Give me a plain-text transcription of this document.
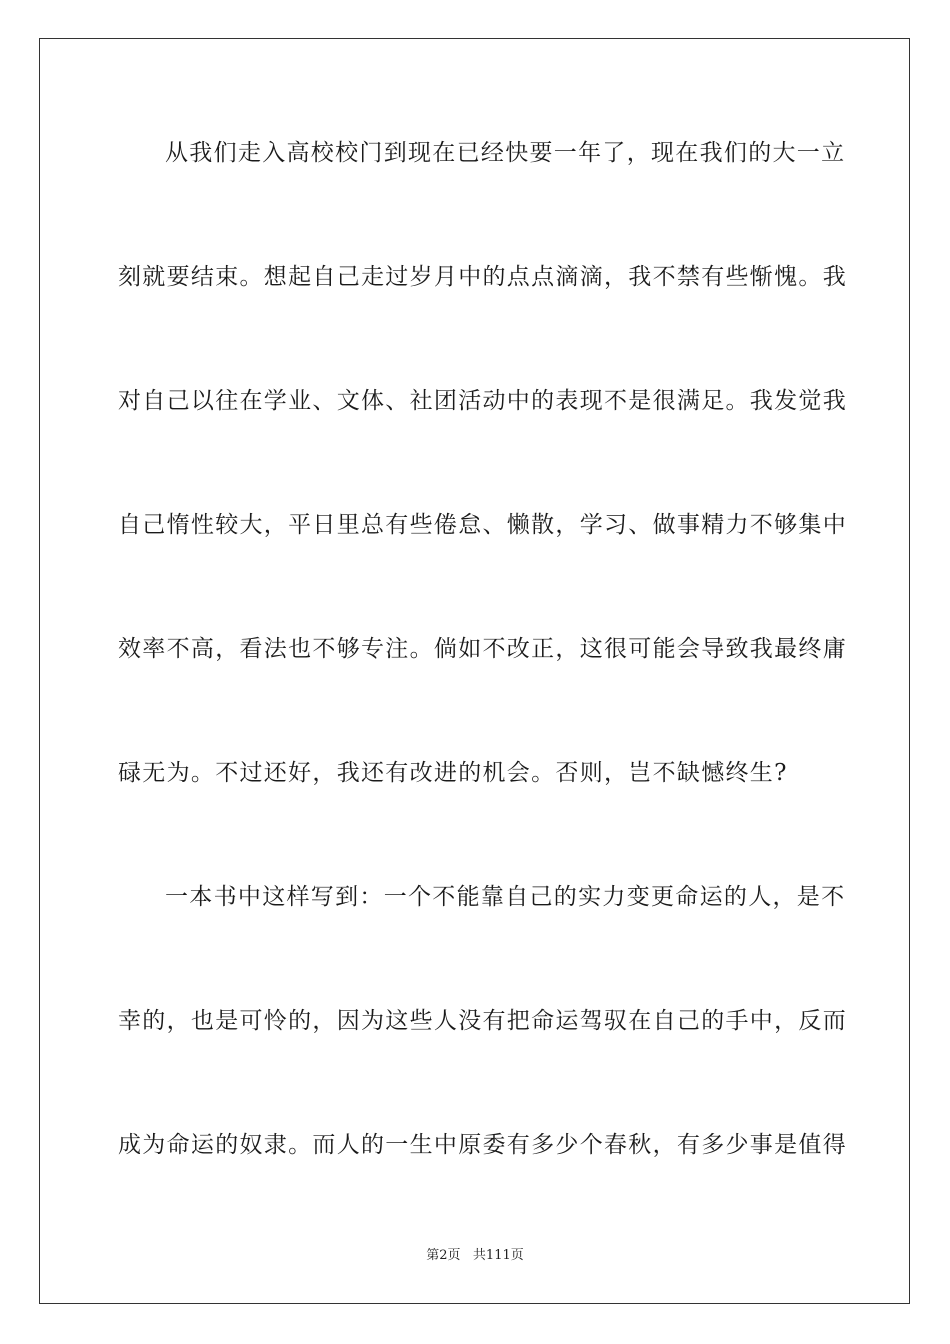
从我们走入高校校门到现在已经快要一年了，现在我们的大一立
刻就要结束。想起自己走过岁月中的点点滴滴，我不禁有些惭愧。我
对自己以往在学业、文体、社团活动中的表现不是很满足。我发觉我
自己惰性较大，平日里总有些倦怠、懒散，学习、做事精力不够集中
效率不高，看法也不够专注。倘如不改正，这很可能会导致我最终庸
碌无为。不过还好，我还有改进的机会。否则，岂不缺憾终生?
一本书中这样写到：一个不能靠自己的实力变更命运的人，是不
幸的，也是可怜的，因为这些人没有把命运驾驭在自己的手中，反而
成为命运的奴隶。而人的一生中原委有多少个春秋，有多少事是值得
第2页 共111页
